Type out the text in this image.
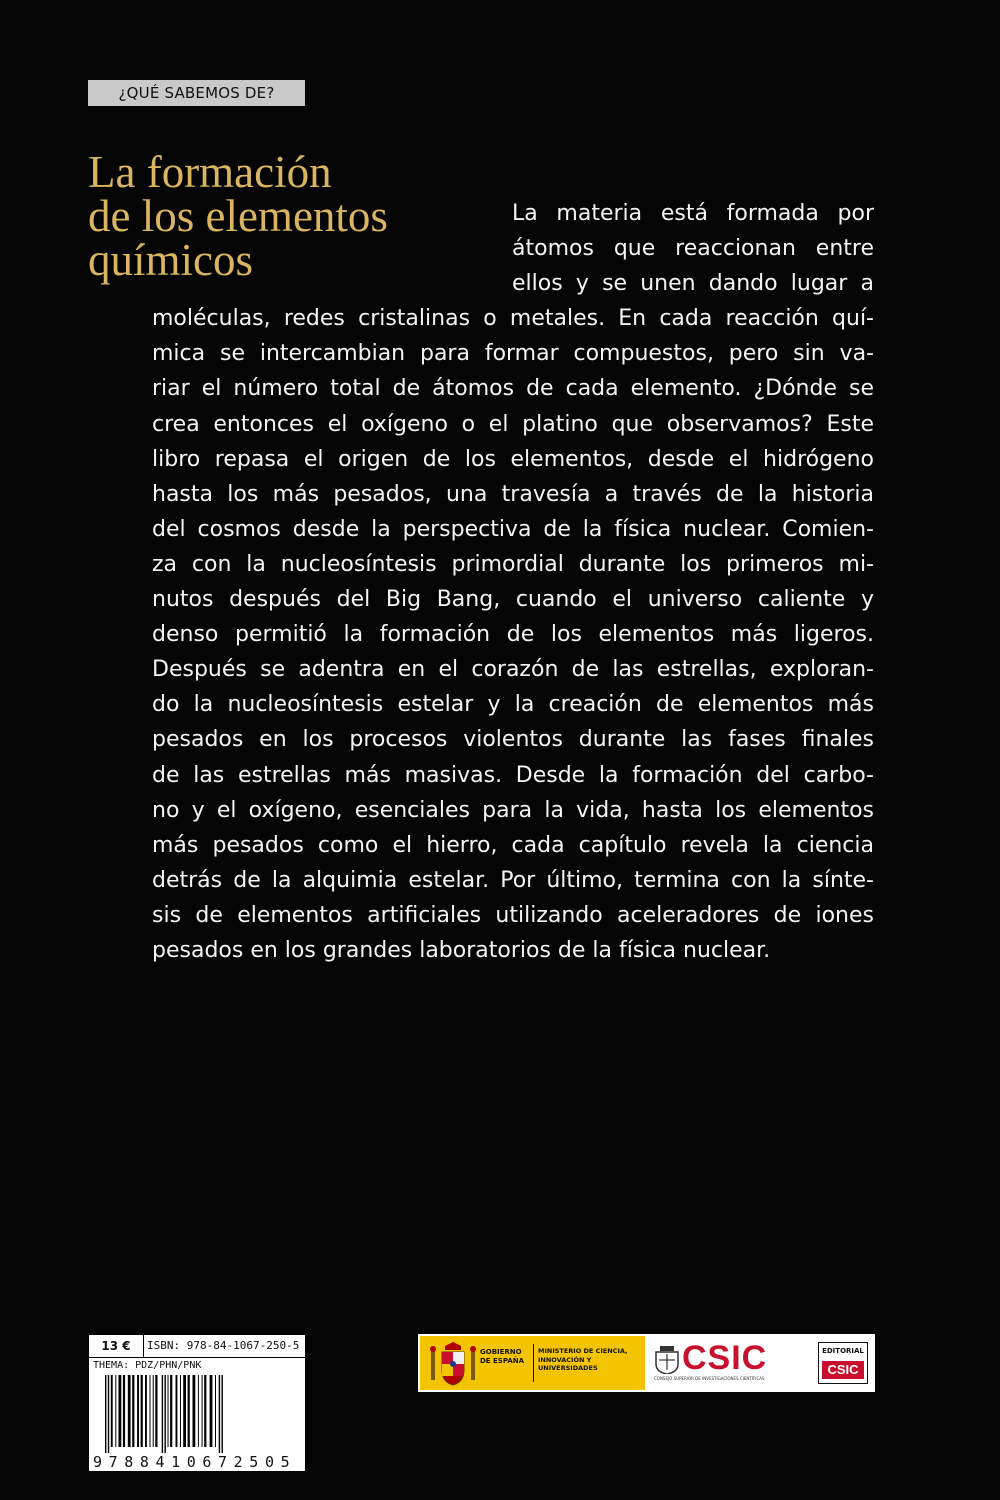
¿QUÉ SABEMOS DE?
La formación
de los elementos
químicos
La materia está formada por
átomos que reaccionan entre
ellos y se unen dando lugar a
moléculas, redes cristalinas o metales. En cada reacción quí-
mica se intercambian para formar compuestos, pero sin va-
riar el número total de átomos de cada elemento. ¿Dónde se
crea entonces el oxígeno o el platino que observamos? Este
libro repasa el origen de los elementos, desde el hidrógeno
hasta los más pesados, una travesía a través de la historia
del cosmos desde la perspectiva de la física nuclear. Comien-
za con la nucleosíntesis primordial durante los primeros mi-
nutos después del Big Bang, cuando el universo caliente y
denso permitió la formación de los elementos más ligeros.
Después se adentra en el corazón de las estrellas, exploran-
do la nucleosíntesis estelar y la creación de elementos más
pesados en los procesos violentos durante las fases finales
de las estrellas más masivas. Desde la formación del carbo-
no y el oxígeno, esenciales para la vida, hasta los elementos
más pesados como el hierro, cada capítulo revela la ciencia
detrás de la alquimia estelar. Por último, termina con la sínte-
sis de elementos artificiales utilizando aceleradores de iones
pesados en los grandes laboratorios de la física nuclear.
13 €	ISBN: 978-84-1067-250-5
THEMA: PDZ/PHN/PNK
9788410672505
GOBIERNO DE ESPAÑA
MINISTERIO DE CIENCIA, INNOVACIÓN Y UNIVERSIDADES	CSIC
CONSEJO SUPERIOR DE INVESTIGACIONES CIENTÍFICAS
EDITORIAL
CSIC
